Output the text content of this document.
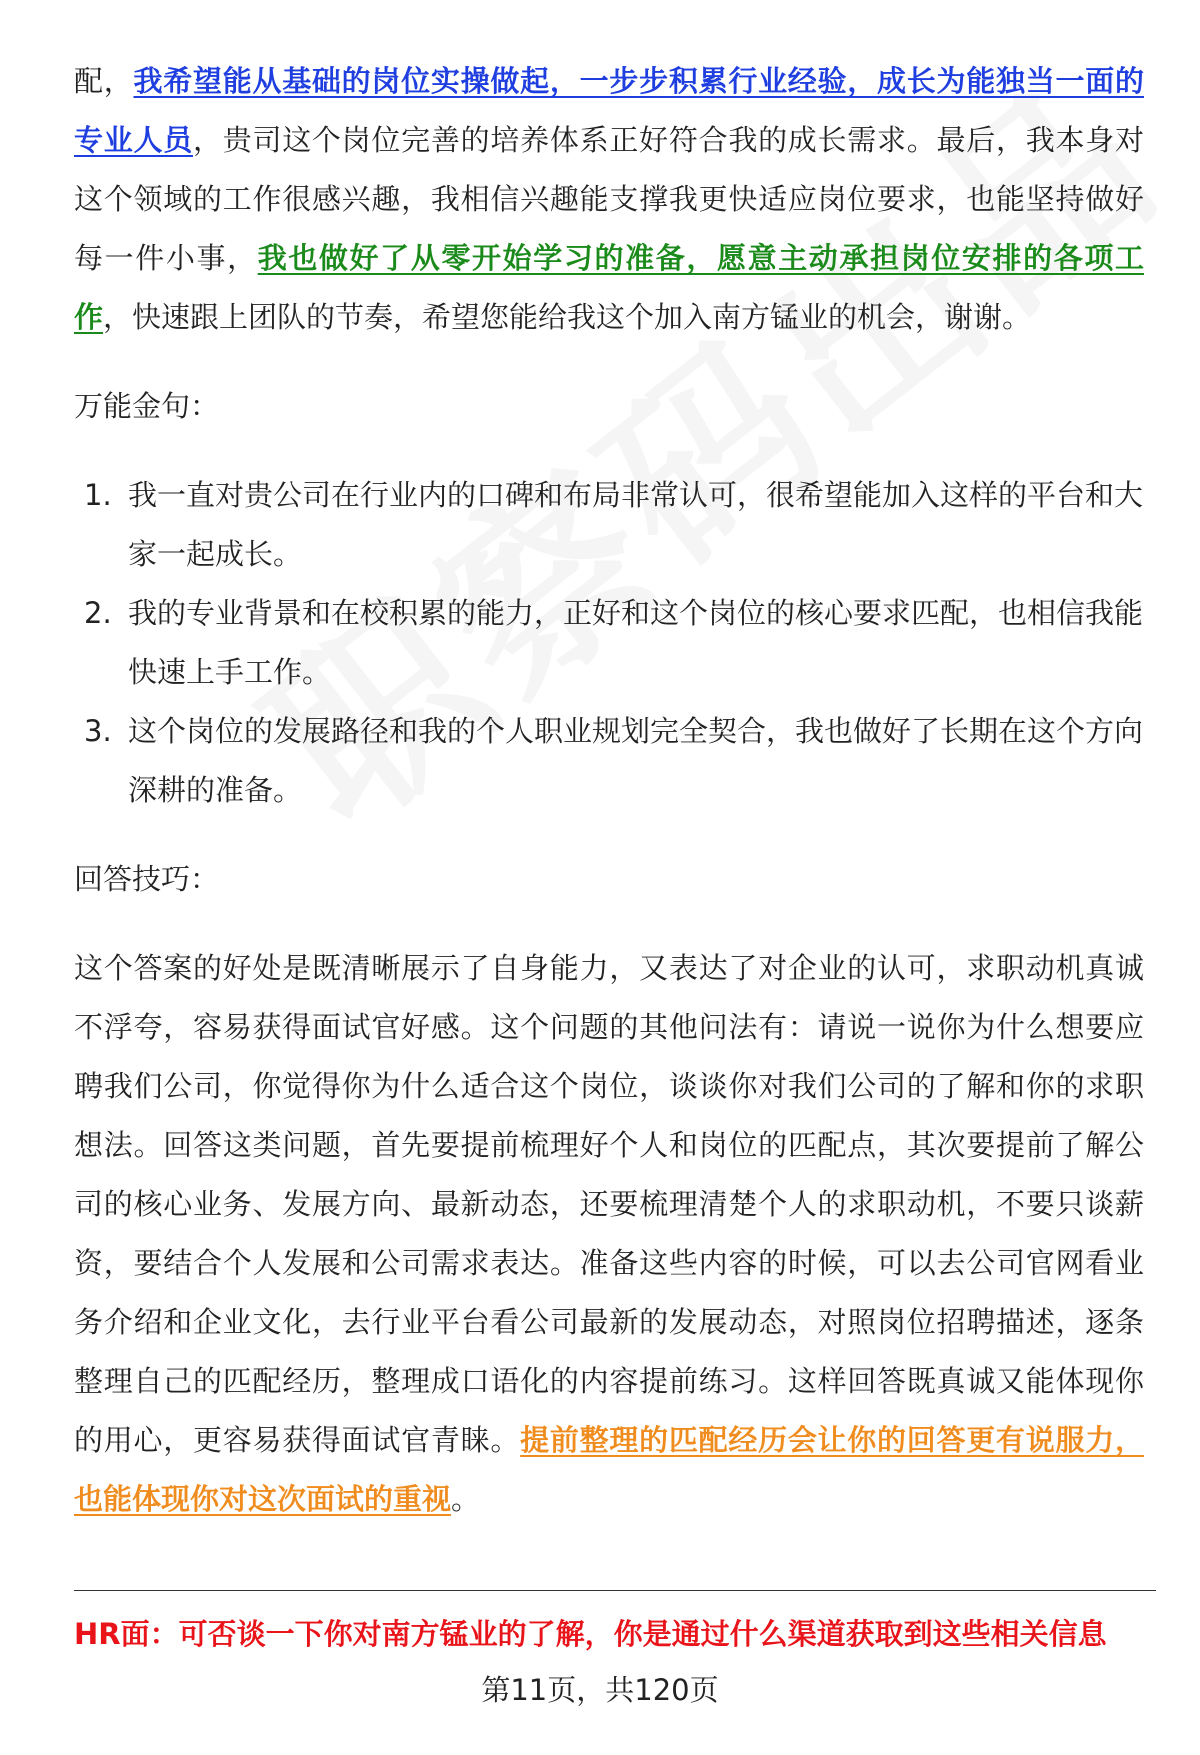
配，我希望能从基础的岗位实操做起，一步步积累行业经验，成长为能独当一面的专业人员，贵司这个岗位完善的培养体系正好符合我的成长需求。最后，我本身对这个领域的工作很感兴趣，我相信兴趣能支撑我更快适应岗位要求，也能坚持做好每一件小事，我也做好了从零开始学习的准备，愿意主动承担岗位安排的各项工作，快速跟上团队的节奏，希望您能给我这个加入南方锰业的机会，谢谢。

万能金句：

1. 我一直对贵公司在行业内的口碑和布局非常认可，很希望能加入这样的平台和大家一起成长。
2. 我的专业背景和在校积累的能力，正好和这个岗位的核心要求匹配，也相信我能快速上手工作。
3. 这个岗位的发展路径和我的个人职业规划完全契合，我也做好了长期在这个方向深耕的准备。

回答技巧：

这个答案的好处是既清晰展示了自身能力，又表达了对企业的认可，求职动机真诚不浮夸，容易获得面试官好感。这个问题的其他问法有：请说一说你为什么想要应聘我们公司，你觉得你为什么适合这个岗位，谈谈你对我们公司的了解和你的求职想法。回答这类问题，首先要提前梳理好个人和岗位的匹配点，其次要提前了解公司的核心业务、发展方向、最新动态，还要梳理清楚个人的求职动机，不要只谈薪资，要结合个人发展和公司需求表达。准备这些内容的时候，可以去公司官网看业务介绍和企业文化，去行业平台看公司最新的发展动态，对照岗位招聘描述，逐条整理自己的匹配经历，整理成口语化的内容提前练习。这样回答既真诚又能体现你的用心，更容易获得面试官青睐。提前整理的匹配经历会让你的回答更有说服力，也能体现你对这次面试的重视。

HR面：可否谈一下你对南方锰业的了解，你是通过什么渠道获取到这些相关信息
第11页，共120页
